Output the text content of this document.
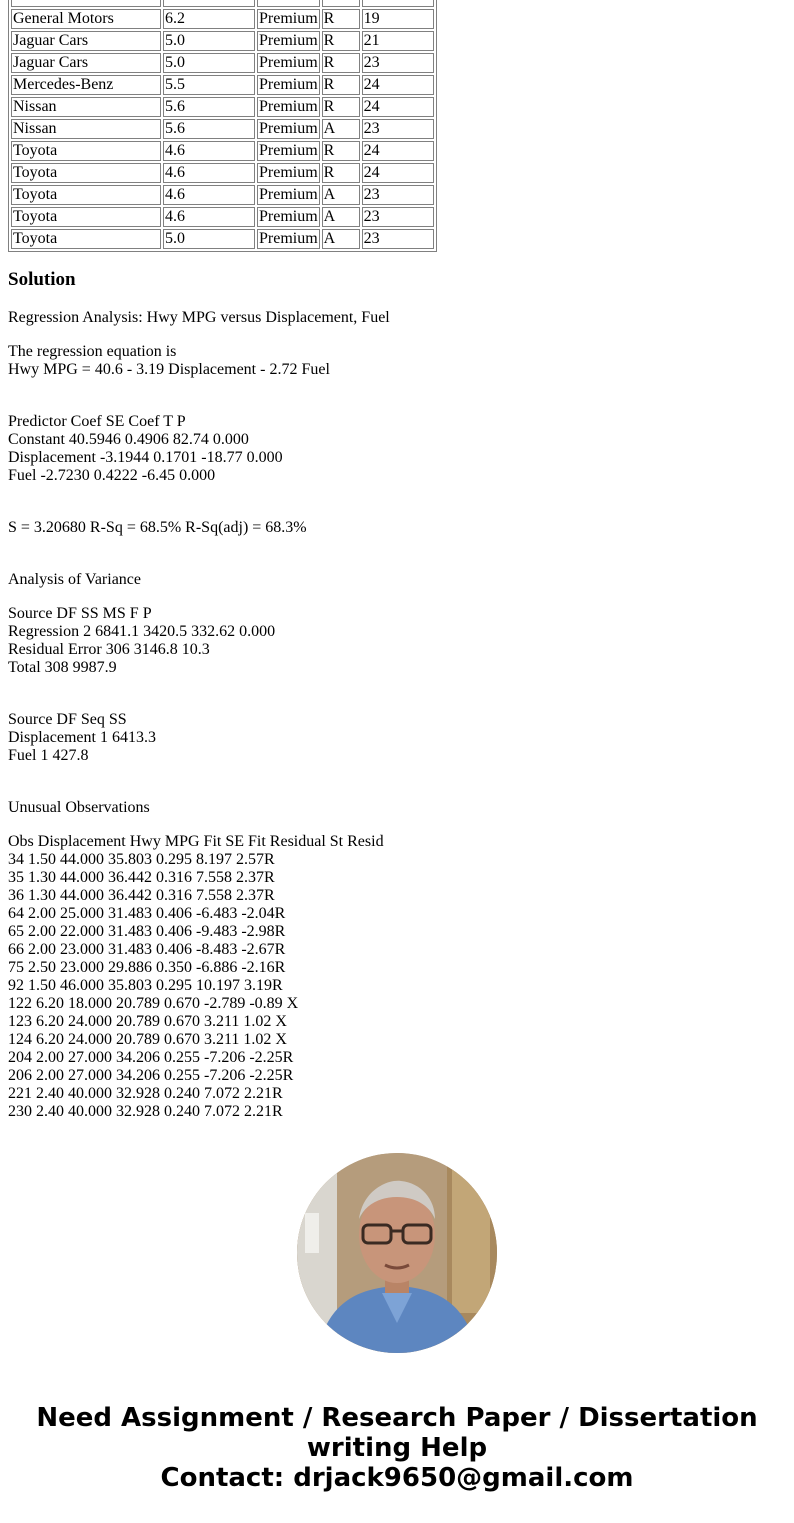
General Motors	6.2	Premium	R	19
Jaguar Cars	5.0	Premium	R	21
Jaguar Cars	5.0	Premium	R	23
Mercedes-Benz	5.5	Premium	R	24
Nissan	5.6	Premium	R	24
Nissan	5.6	Premium	A	23
Toyota	4.6	Premium	R	24
Toyota	4.6	Premium	R	24
Toyota	4.6	Premium	A	23
Toyota	4.6	Premium	A	23
Toyota	5.0	Premium	A	23
Solution

Regression Analysis: Hwy MPG versus Displacement, Fuel

The regression equation is
Hwy MPG = 40.6 - 3.19 Displacement - 2.72 Fuel

Predictor Coef SE Coef T P
Constant 40.5946 0.4906 82.74 0.000
Displacement -3.1944 0.1701 -18.77 0.000
Fuel -2.7230 0.4222 -6.45 0.000

S = 3.20680 R-Sq = 68.5% R-Sq(adj) = 68.3%

Analysis of Variance

Source DF SS MS F P
Regression 2 6841.1 3420.5 332.62 0.000
Residual Error 306 3146.8 10.3
Total 308 9987.9

Source DF Seq SS
Displacement 1 6413.3
Fuel 1 427.8

Unusual Observations

Obs Displacement Hwy MPG Fit SE Fit Residual St Resid
34 1.50 44.000 35.803 0.295 8.197 2.57R
35 1.30 44.000 36.442 0.316 7.558 2.37R
36 1.30 44.000 36.442 0.316 7.558 2.37R
64 2.00 25.000 31.483 0.406 -6.483 -2.04R
65 2.00 22.000 31.483 0.406 -9.483 -2.98R
66 2.00 23.000 31.483 0.406 -8.483 -2.67R
75 2.50 23.000 29.886 0.350 -6.886 -2.16R
92 1.50 46.000 35.803 0.295 10.197 3.19R
122 6.20 18.000 20.789 0.670 -2.789 -0.89 X
123 6.20 24.000 20.789 0.670 3.211 1.02 X
124 6.20 24.000 20.789 0.670 3.211 1.02 X
204 2.00 27.000 34.206 0.255 -7.206 -2.25R
206 2.00 27.000 34.206 0.255 -7.206 -2.25R
221 2.40 40.000 32.928 0.240 7.072 2.21R
230 2.40 40.000 32.928 0.240 7.072 2.21R

Need Assignment / Research Paper / Dissertation
writing Help
Contact: drjack9650@gmail.com
